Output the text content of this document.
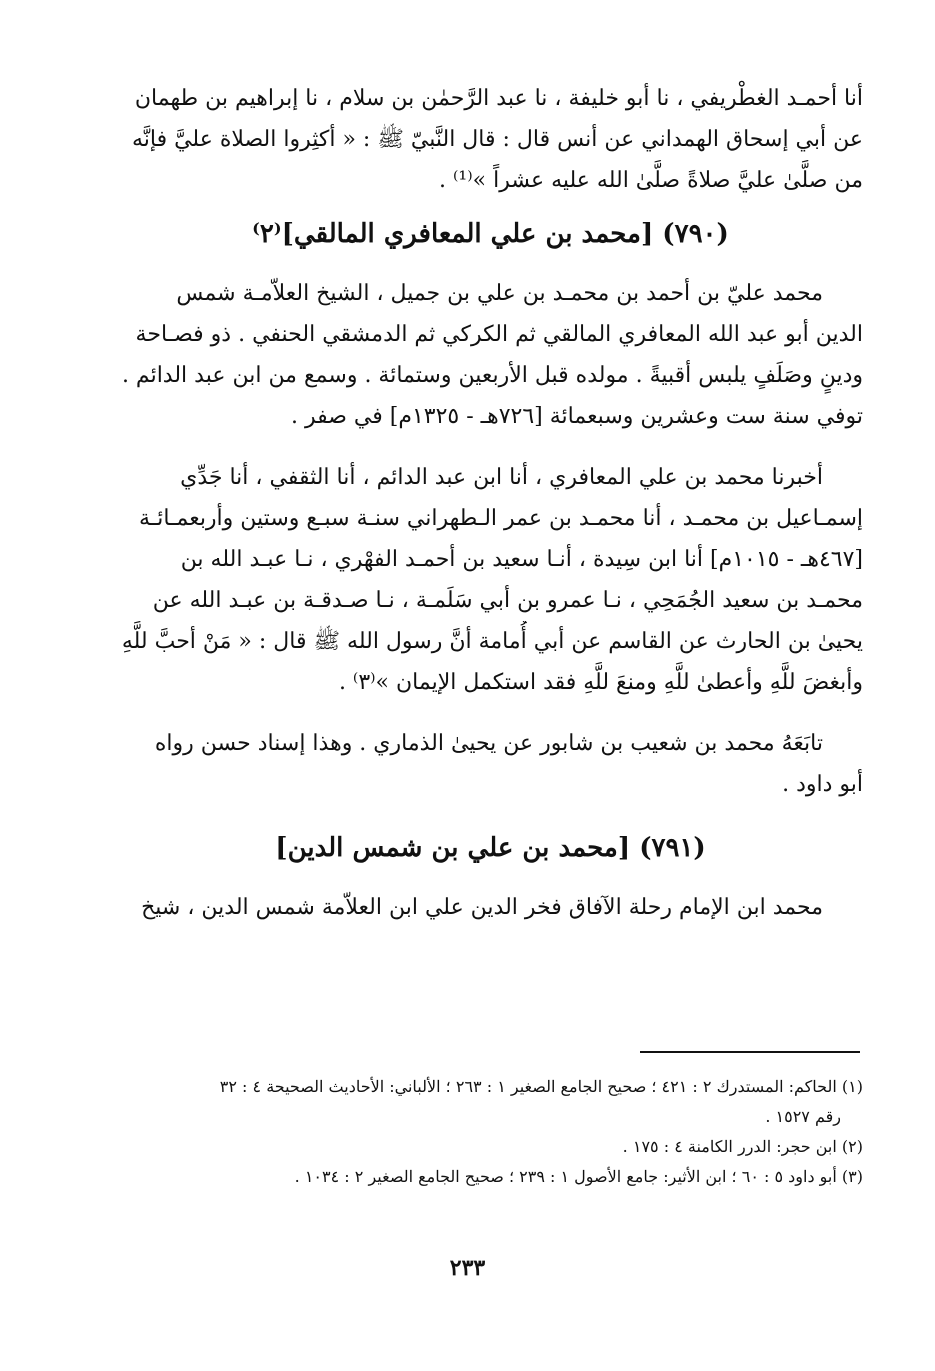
أنا أحمـد الغطْريفي ، نا أبو خليفة ، نا عبد الرَّحمٰن بن سلام ، نا إبراهيم بن طهمان
عن أبي إسحاق الهمداني عن أنس قال : قال النَّبيّ ﷺ : « أكثِروا الصلاة عليَّ فإنَّه
من صلَّىٰ عليَّ صلاةً صلَّىٰ الله عليه عشراً »⁽¹⁾ .
(٧٩٠) [محمد بن علي المعافري المالقي]⁽٢⁾
محمد عليّ بن أحمد بن محمـد بن علي بن جميل ، الشيخ العلاّمـة شمس
الدين أبو عبد الله المعافري المالقي ثم الكركي ثم الدمشقي الحنفي . ذو فصـاحة
ودينٍ وصَلَفٍ يلبس أقبيةً . مولده قبل الأربعين وستمائة . وسمع من ابن عبد الدائم .
توفي سنة ست وعشرين وسبعمائة [٧٢٦هـ - ١٣٢٥م] في صفر .
أخبرنا محمد بن علي المعافري ، أنا ابن عبد الدائم ، أنا الثقفي ، أنا جَدِّي
إسمـاعيل بن محمـد ، أنا محمـد بن عمر الـطهراني سنـة سبـع وستين وأربعمـائـة
[٤٦٧هـ - ١٠١٥م] أنا ابن سِيدة ، أنـا سعيد بن أحمـد الفهْري ، نـا عبـد الله بن
محمـد بن سعيد الجُمَحِي ، نـا عمرو بن أبي سَلَمـة ، نـا صـدقـة بن عبـد الله عن
يحيىٰ بن الحارث عن القاسم عن أبي أُمامة أنَّ رسول الله ﷺ قال : « مَنْ أحبَّ للَّهِ
وأبغضَ للَّهِ وأعطىٰ للَّهِ ومنعَ للَّهِ فقد استكمل الإيمان »⁽٣⁾ .
تابَعَهُ محمد بن شعيب بن شابور عن يحيىٰ الذماري . وهذا إسناد حسن رواه
أبو داود .
(٧٩١) [محمد بن علي بن شمس الدين]
محمد ابن الإمام رحلة الآفاق فخر الدين علي ابن العلاّمة شمس الدين ، شيخ
(١) الحاكم: المستدرك ٢ : ٤٢١ ؛ صحيح الجامع الصغير ١ : ٢٦٣ ؛ الألباني: الأحاديث الصحيحة ٤ : ٣٢
رقم ١٥٢٧ .
(٢) ابن حجر: الدرر الكامنة ٤ : ١٧٥ .
(٣) أبو داود ٥ : ٦٠ ؛ ابن الأثير: جامع الأصول ١ : ٢٣٩ ؛ صحيح الجامع الصغير ٢ : ١٠٣٤ .
٢٣٣
